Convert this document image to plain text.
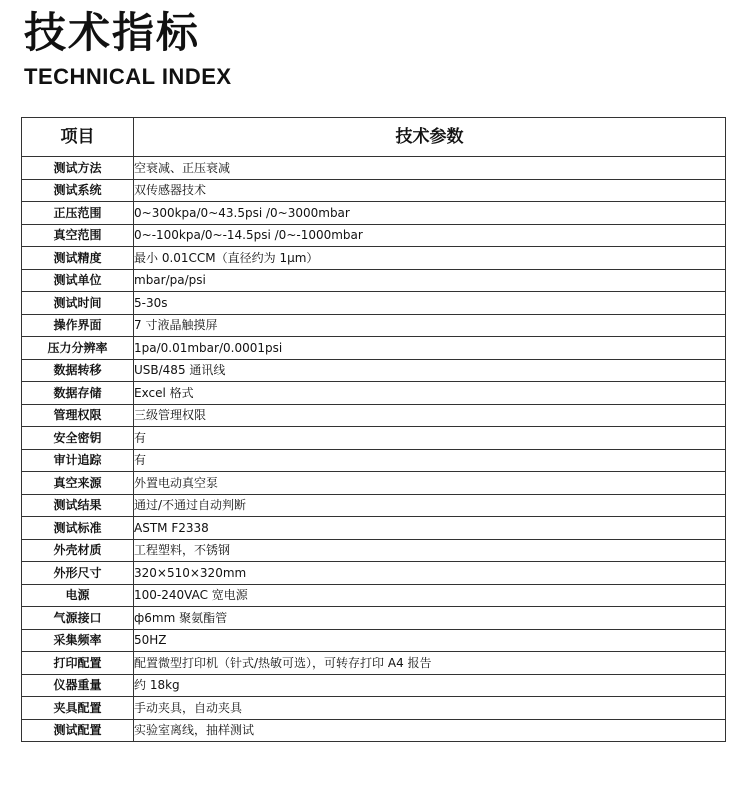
技术指标
TECHNICAL INDEX
项目	技术参数
测试方法	空衰减、正压衰减
测试系统	双传感器技术
正压范围	0~300kpa/0~43.5psi /0~3000mbar
真空范围	0~-100kpa/0~-14.5psi /0~-1000mbar
测试精度	最小 0.01CCM（直径约为 1μm）
测试单位	mbar/pa/psi
测试时间	5-30s
操作界面	7 寸液晶触摸屏
压力分辨率	1pa/0.01mbar/0.0001psi
数据转移	USB/485 通讯线
数据存储	Excel 格式
管理权限	三级管理权限
安全密钥	有
审计追踪	有
真空来源	外置电动真空泵
测试结果	通过/不通过自动判断
测试标准	ASTM F2338
外壳材质	工程塑料，不锈钢
外形尺寸	320×510×320mm
电源	100-240VAC 宽电源
气源接口	ф6mm 聚氨酯管
采集频率	50HZ
打印配置	配置微型打印机（针式/热敏可选），可转存打印 A4 报告
仪器重量	约 18kg
夹具配置	手动夹具，自动夹具
测试配置	实验室离线，抽样测试
